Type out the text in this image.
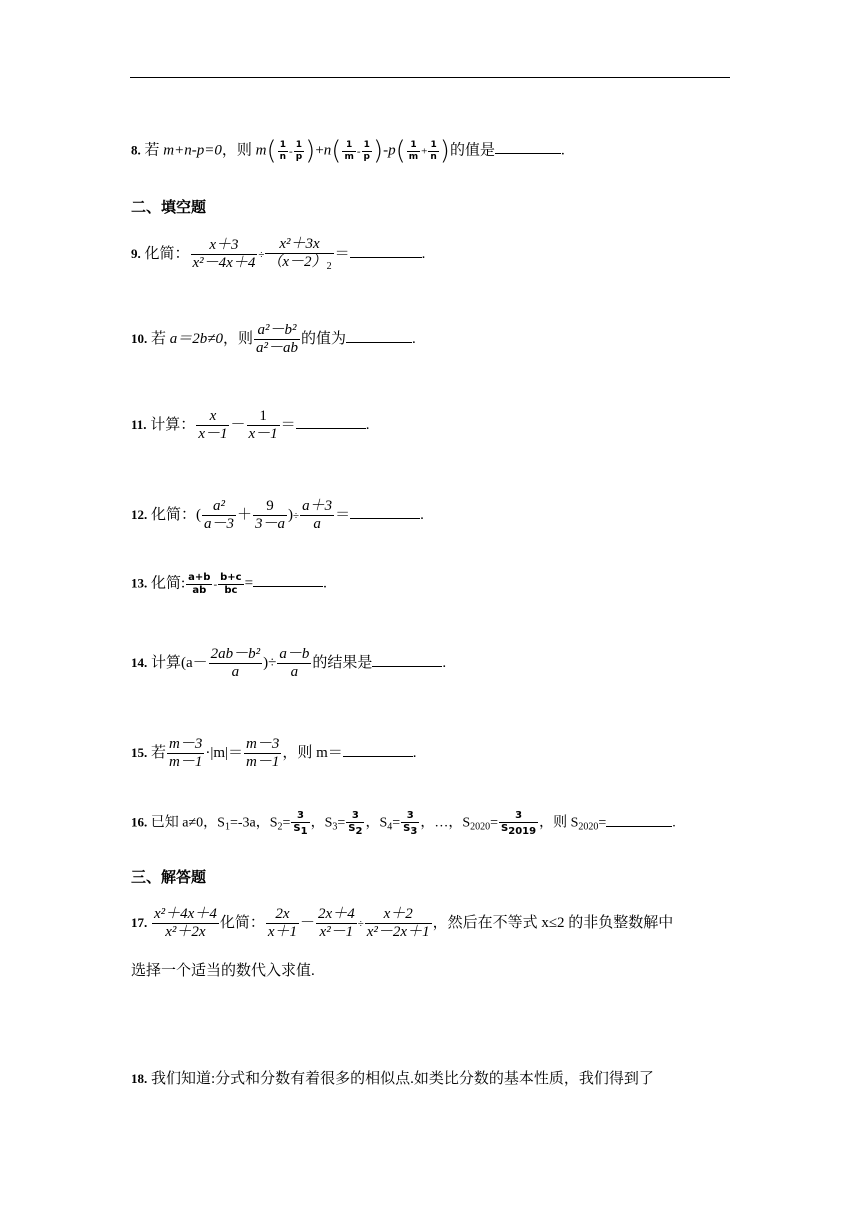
8. 若 m+n-p=0，则 $m( \frac{1}{n} - \frac{1}{p} )+n( \frac{1}{m} - \frac{1}{p} )-p( \frac{1}{m} + \frac{1}{n}$ )的值是	.
二、填空题
9. 化简： $\frac{x+3}{\text{x²－4x＋4}} \div \frac{\text{x²＋3x}}{(x-2)_2}$ ＝	.
10. 若 a＝2b≠0，则 $\frac{\text{a²－b²}}{\text{a²－ab}}$ 的值为	.
11. 计算： $\frac{x}{x-1} - \frac{1}{x-1}$ ＝	.
12. 化简：( $\frac{\text{a²}}{a-3} + \frac{9}{3-a}$ )÷ $\frac{a+3}{a}$ ＝	.
13. 化简: $\frac{a+b}{ab} - \frac{b+c}{bc}$ =	.
14. 计算($a- \frac{\text{2ab－b²}}{a}$ )÷ $\frac{a-b}{a}$ 的结果是	.
15. 若 $\frac{m-3}{m-1} \cdot|m|= \frac{m-3}{m-1}$ ，则 m＝	.
16. 已知 a≠0，$S_1=-3a$，$S_2= \frac{3}{S_1}$ ，$S_3= \frac{3}{S_2}$ ，$S_4= \frac{3}{S_3}$ ，…，$S_{2020}= \frac{3}{S_{2019}}$ ，则 $S_{2020}=$	.
三、解答题
17. $\frac{\text{x²＋4x＋4}}{\text{x²＋2x}}$ 化简： $\frac{2x}{x+1} - \frac{2x+4}{\text{x²－1}} \div \frac{x+2}{\text{x²－2x＋1}}$ ，然后在不等式 x≤2 的非负整数解中
选择一个适当的数代入求值.
18. 我们知道:分式和分数有着很多的相似点.如类比分数的基本性质，我们得到了
